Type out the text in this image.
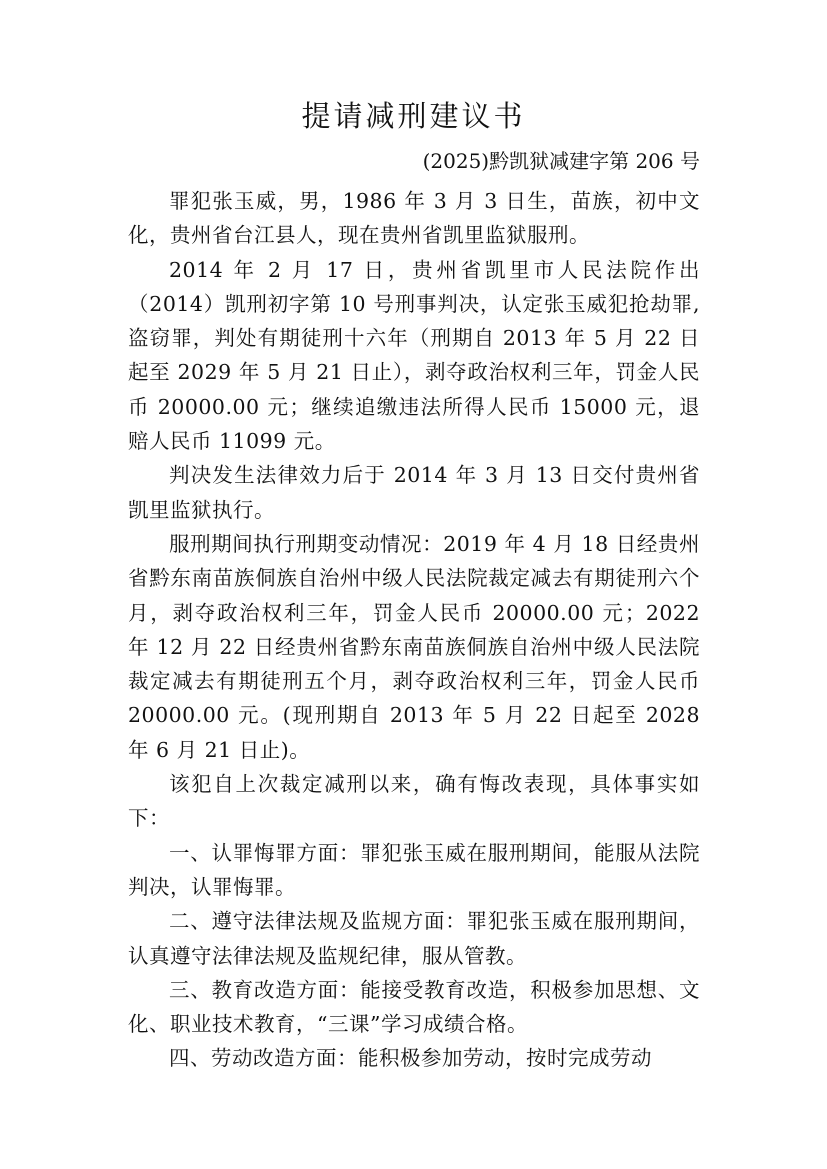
提请减刑建议书
(2025)黔凯狱减建字第 206 号

罪犯张玉威，男，1986 年 3 月 3 日生，苗族，初中文化，贵州省台江县人，现在贵州省凯里监狱服刑。

2014 年 2 月 17 日，贵州省凯里市人民法院作出（2014）凯刑初字第 10 号刑事判决，认定张玉威犯抢劫罪,盗窃罪，判处有期徒刑十六年（刑期自 2013 年 5 月 22 日起至 2029 年 5 月 21 日止），剥夺政治权利三年，罚金人民币 20000.00 元；继续追缴违法所得人民币 15000 元，退赔人民币 11099 元。

判决发生法律效力后于 2014 年 3 月 13 日交付贵州省凯里监狱执行。

服刑期间执行刑期变动情况：2019 年 4 月 18 日经贵州省黔东南苗族侗族自治州中级人民法院裁定减去有期徒刑六个月，剥夺政治权利三年，罚金人民币 20000.00 元；2022 年 12 月 22 日经贵州省黔东南苗族侗族自治州中级人民法院裁定减去有期徒刑五个月，剥夺政治权利三年，罚金人民币 20000.00 元。(现刑期自 2013 年 5 月 22 日起至 2028 年 6 月 21 日止)。

该犯自上次裁定减刑以来，确有悔改表现，具体事实如下：

一、认罪悔罪方面：罪犯张玉威在服刑期间，能服从法院判决，认罪悔罪。

二、遵守法律法规及监规方面：罪犯张玉威在服刑期间，认真遵守法律法规及监规纪律，服从管教。

三、教育改造方面：能接受教育改造，积极参加思想、文化、职业技术教育，“三课”学习成绩合格。

四、劳动改造方面：能积极参加劳动，按时完成劳动
